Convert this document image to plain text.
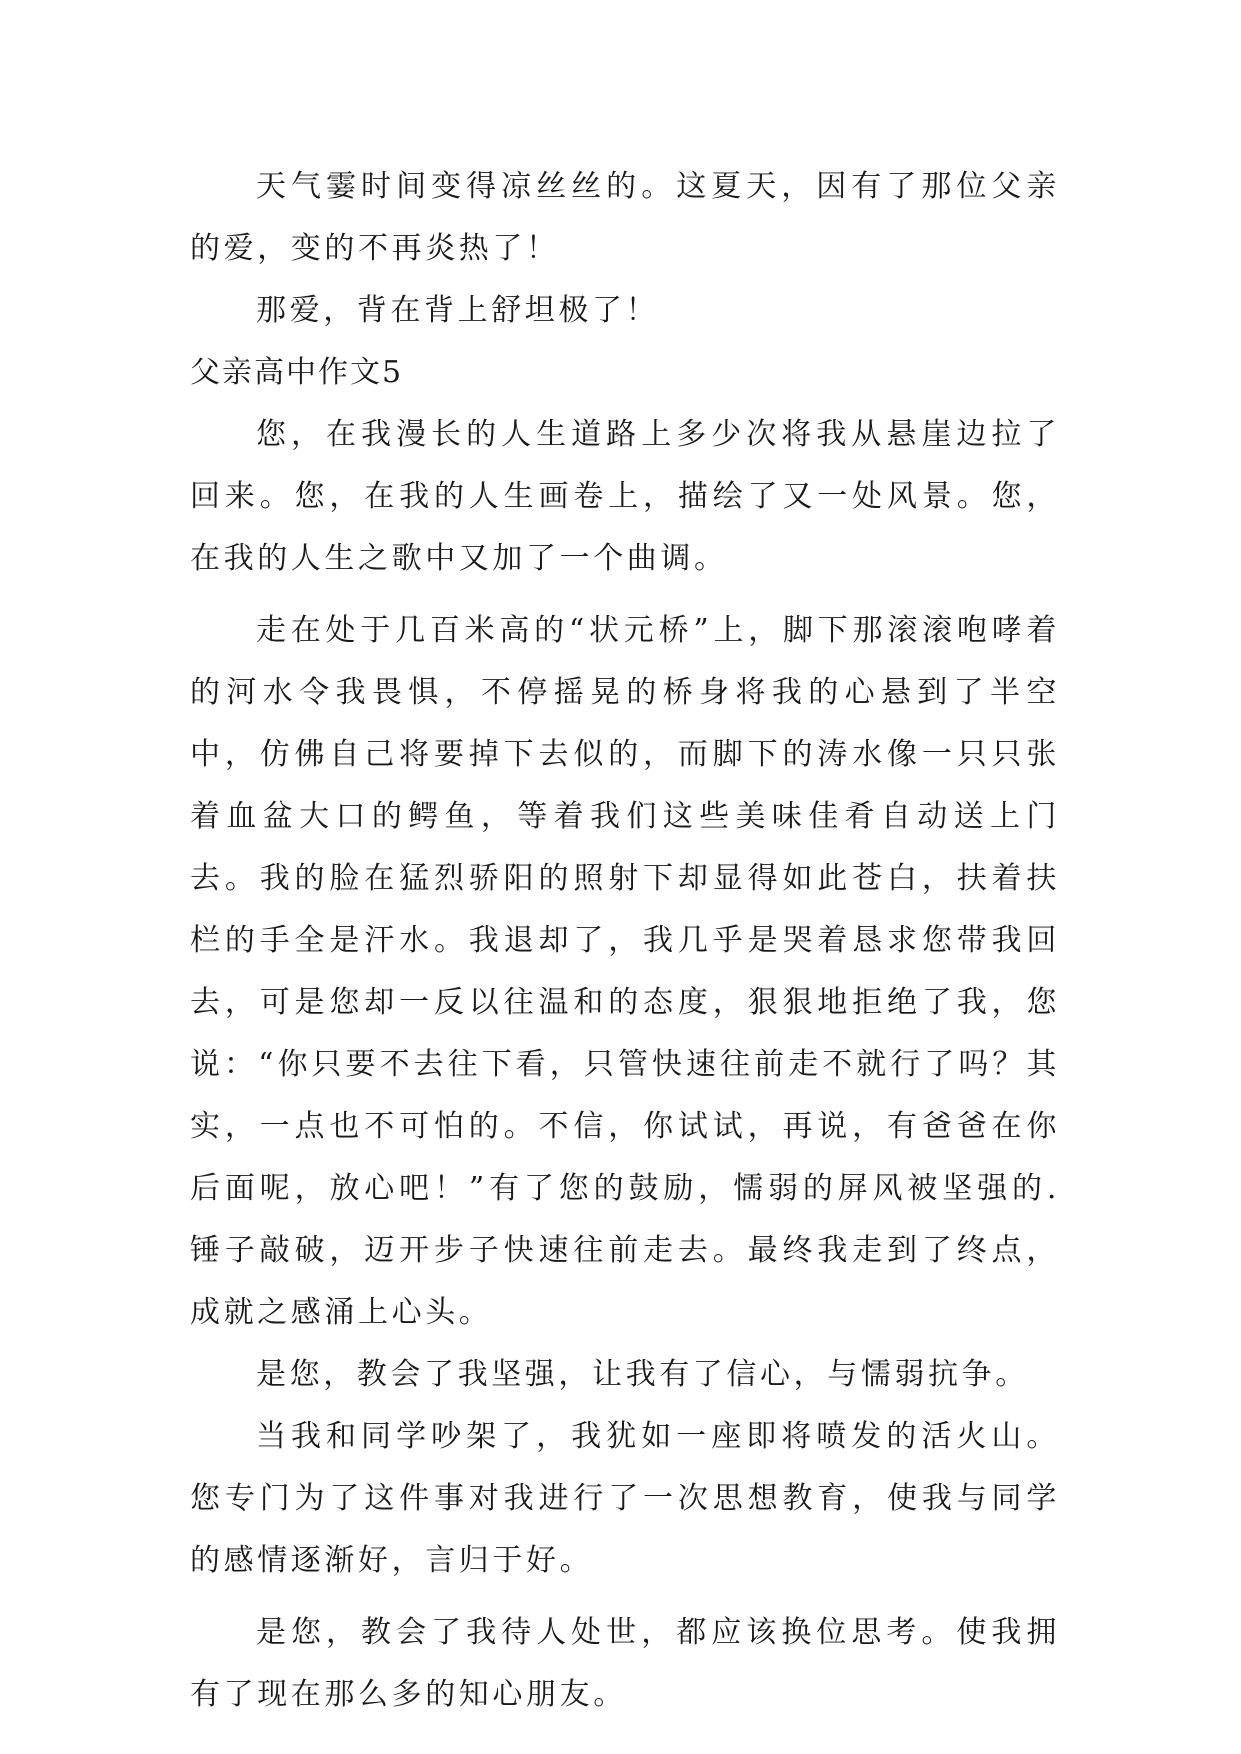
天气霎时间变得凉丝丝的。这夏天，因有了那位父亲的爱，变的不再炎热了！

那爱，背在背上舒坦极了！

父亲高中作文5

您，在我漫长的人生道路上多少次将我从悬崖边拉了回来。您，在我的人生画卷上，描绘了又一处风景。您，在我的人生之歌中又加了一个曲调。

走在处于几百米高的“状元桥”上，脚下那滚滚咆哮着的河水令我畏惧，不停摇晃的桥身将我的心悬到了半空中，仿佛自己将要掉下去似的，而脚下的涛水像一只只张着血盆大口的鳄鱼，等着我们这些美味佳肴自动送上门去。我的脸在猛烈骄阳的照射下却显得如此苍白，扶着扶栏的手全是汗水。我退却了，我几乎是哭着恳求您带我回去，可是您却一反以往温和的态度，狠狠地拒绝了我，您说：“你只要不去往下看，只管快速往前走不就行了吗？其实，一点也不可怕的。不信，你试试，再说，有爸爸在你后面呢，放心吧！”有了您的鼓励，懦弱的屏风被坚强的.锤子敲破，迈开步子快速往前走去。最终我走到了终点，成就之感涌上心头。

是您，教会了我坚强，让我有了信心，与懦弱抗争。

当我和同学吵架了，我犹如一座即将喷发的活火山。您专门为了这件事对我进行了一次思想教育，使我与同学的感情逐渐好，言归于好。

是您，教会了我待人处世，都应该换位思考。使我拥有了现在那么多的知心朋友。
